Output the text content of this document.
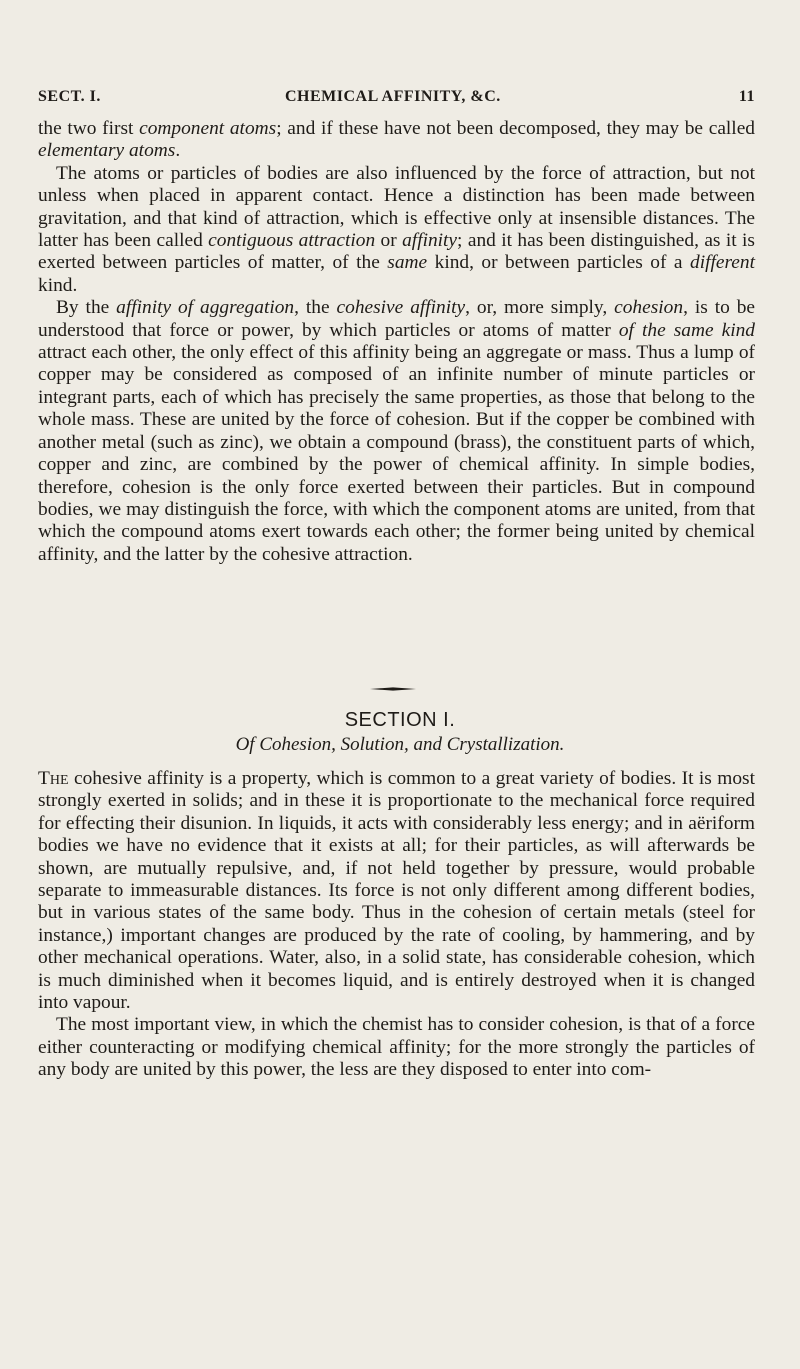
SECT. I.	CHEMICAL AFFINITY, &C.	11

the two first component atoms; and if these have not been decomposed, they may be called elementary atoms.

The atoms or particles of bodies are also influenced by the force of attraction, but not unless when placed in apparent contact. Hence a distinction has been made between gravitation, and that kind of attraction, which is effective only at insensible distances. The latter has been called contiguous attraction or affinity; and it has been distinguished, as it is exerted between particles of matter, of the same kind, or between particles of a different kind.

By the affinity of aggregation, the cohesive affinity, or, more simply, cohesion, is to be understood that force or power, by which particles or atoms of matter of the same kind attract each other, the only effect of this affinity being an aggregate or mass. Thus a lump of copper may be considered as composed of an infinite number of minute particles or integrant parts, each of which has precisely the same properties, as those that belong to the whole mass. These are united by the force of cohesion. But if the copper be combined with another metal (such as zinc), we obtain a compound (brass), the constituent parts of which, copper and zinc, are combined by the power of chemical affinity. In simple bodies, therefore, cohesion is the only force exerted between their particles. But in compound bodies, we may distinguish the force, with which the component atoms are united, from that which the compound atoms exert towards each other; the former being united by chemical affinity, and the latter by the cohesive attraction.

SECTION I.
Of Cohesion, Solution, and Crystallization.

The cohesive affinity is a property, which is common to a great variety of bodies. It is most strongly exerted in solids; and in these it is proportionate to the mechanical force required for effecting their disunion. In liquids, it acts with considerably less energy; and in aëriform bodies we have no evidence that it exists at all; for their particles, as will afterwards be shown, are mutually repulsive, and, if not held together by pressure, would probable separate to immeasurable distances. Its force is not only different among different bodies, but in various states of the same body. Thus in the cohesion of certain metals (steel for instance,) important changes are produced by the rate of cooling, by hammering, and by other mechanical operations. Water, also, in a solid state, has considerable cohesion, which is much diminished when it becomes liquid, and is entirely destroyed when it is changed into vapour.

The most important view, in which the chemist has to consider cohesion, is that of a force either counteracting or modifying chemical affinity; for the more strongly the particles of any body are united by this power, the less are they disposed to enter into com-
